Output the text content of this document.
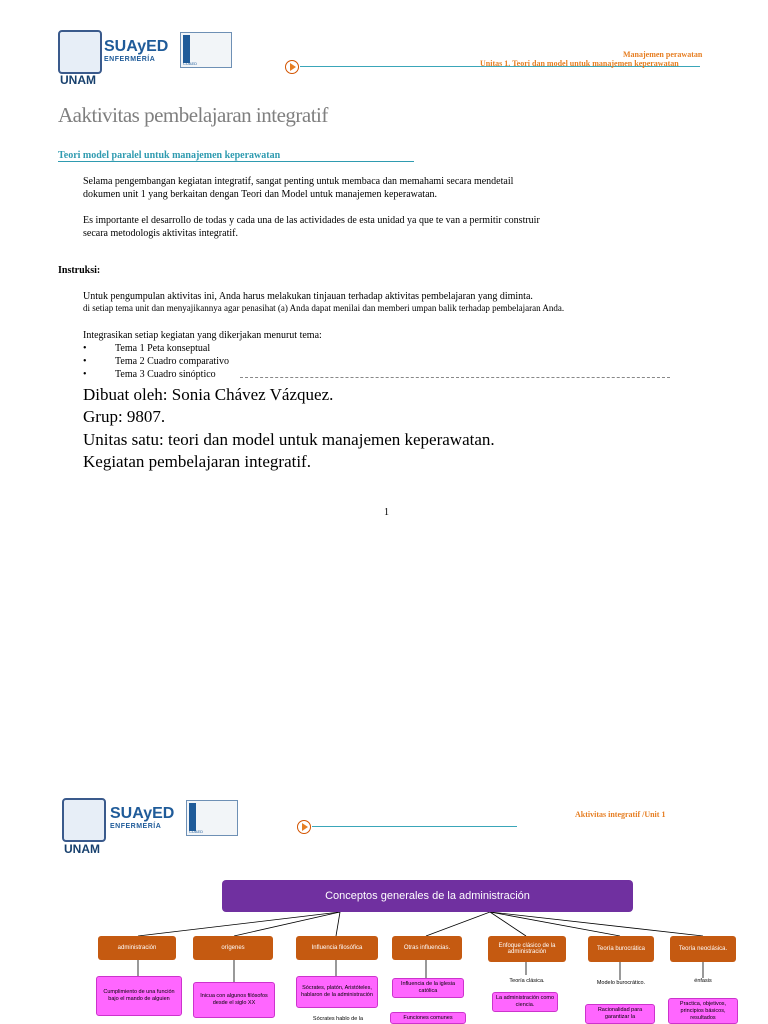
UNAM
SUAyED
ENFERMERÍA
CUAED
Manajemen perawatan
Unitas 1. Teori dan model untuk manajemen keperawatan
Aaktivitas pembelajaran integratif
Teori model paralel untuk manajemen keperawatan
Selama pengembangan kegiatan integratif, sangat penting untuk membaca dan memahami secara mendetail
dokumen unit 1 yang berkaitan dengan Teori dan Model untuk manajemen keperawatan.
Es importante el desarrollo de todas y cada una de las actividades de esta unidad ya que te van a permitir construir
secara metodologis aktivitas integratif.
Instruksi:
Untuk pengumpulan aktivitas ini, Anda harus melakukan tinjauan terhadap aktivitas pembelajaran yang diminta.
di setiap tema unit dan menyajikannya agar penasihat (a) Anda dapat menilai dan memberi umpan balik terhadap pembelajaran Anda.
Integrasikan setiap kegiatan yang dikerjakan menurut tema:
•	Tema 1 Peta konseptual
•	Tema 2 Cuadro comparativo
•	Tema 3 Cuadro sinóptico
Dibuat oleh: Sonia Chávez Vázquez.
Grup: 9807.
Unitas satu: teori dan model untuk manajemen keperawatan.
Kegiatan pembelajaran integratif.
1
UNAM
SUAyED
ENFERMERÍA
CUAED
Aktivitas integratif /Unit 1
Conceptos generales de la administración
administración	orígenes	Influencia filosófica	Otras influencias.	Enfoque clásico de la administración	Teoría burocrática	Teoría neoclásica.
Cumplimiento de una función bajo el mando de alguien	Inicua con algunos filósofos desde el siglo XX
Sócrates, platón, Aristóteles, hablaron de la administración
Influencia de la iglesia católica
La administración como ciencia.
Racionalidad para garantizar la
Practica, objetivos, principios básicos, resultados
Teoría clásica.	Modelo burocrático.	énfasis
Funciones comunes
Sócrates hablo de la
